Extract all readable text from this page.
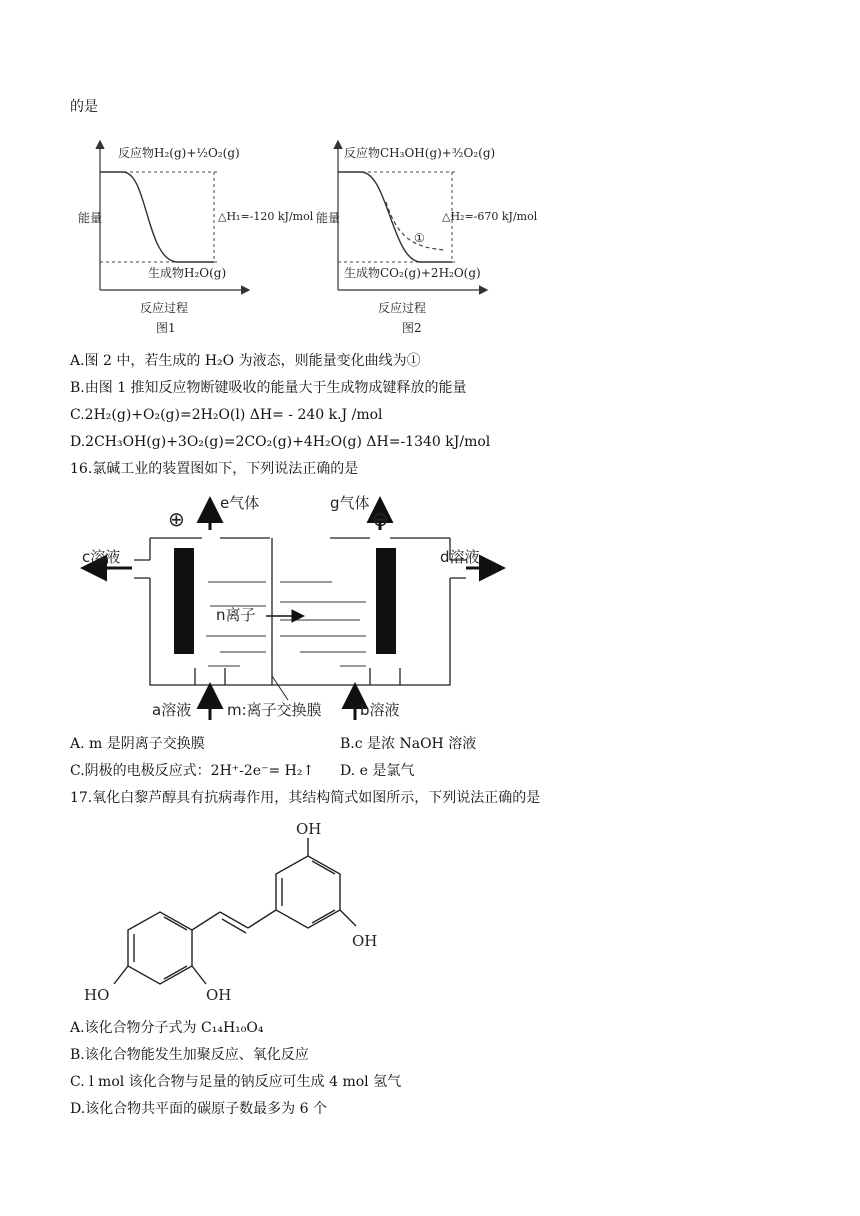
的是
反应物H₂(g)+½O₂(g)
生成物H₂O(g)
能量	△H₁=-120 kJ/mol
反应过程
图1
①
反应物CH₃OH(g)+³⁄₂O₂(g)
生成物CO₂(g)+2H₂O(g)
能量	△H₂=-670 kJ/mol
反应过程
图2
A.图 2 中，若生成的 H₂O 为液态，则能量变化曲线为①
B.由图 1 推知反应物断键吸收的能量大于生成物成键释放的能量
C.2H₂(g)+O₂(g)=2H₂O(l) ΔH= - 240 k.J /mol
D.2CH₃OH(g)+3O₂(g)=2CO₂(g)+4H₂O(g) ΔH=-1340 kJ/mol
16.氯碱工业的装置图如下，下列说法正确的是
⊕	⊖
e气体	g气体
c溶液	d溶液
n离子
a溶液 m:离子交换膜	b溶液
A. m 是阴离子交换膜	B.c 是浓 NaOH 溶液
C.阴极的电极反应式：2H⁺-2e⁻= H₂↑ D. e 是氯气
17.氧化白黎芦醇具有抗病毒作用，其结构简式如图所示，下列说法正确的是
OH
OH
HO	OH
A.该化合物分子式为 C₁₄H₁₀O₄
B.该化合物能发生加聚反应、氧化反应
C. l mol 该化合物与足量的钠反应可生成 4 mol 氢气
D.该化合物共平面的碳原子数最多为 6 个
